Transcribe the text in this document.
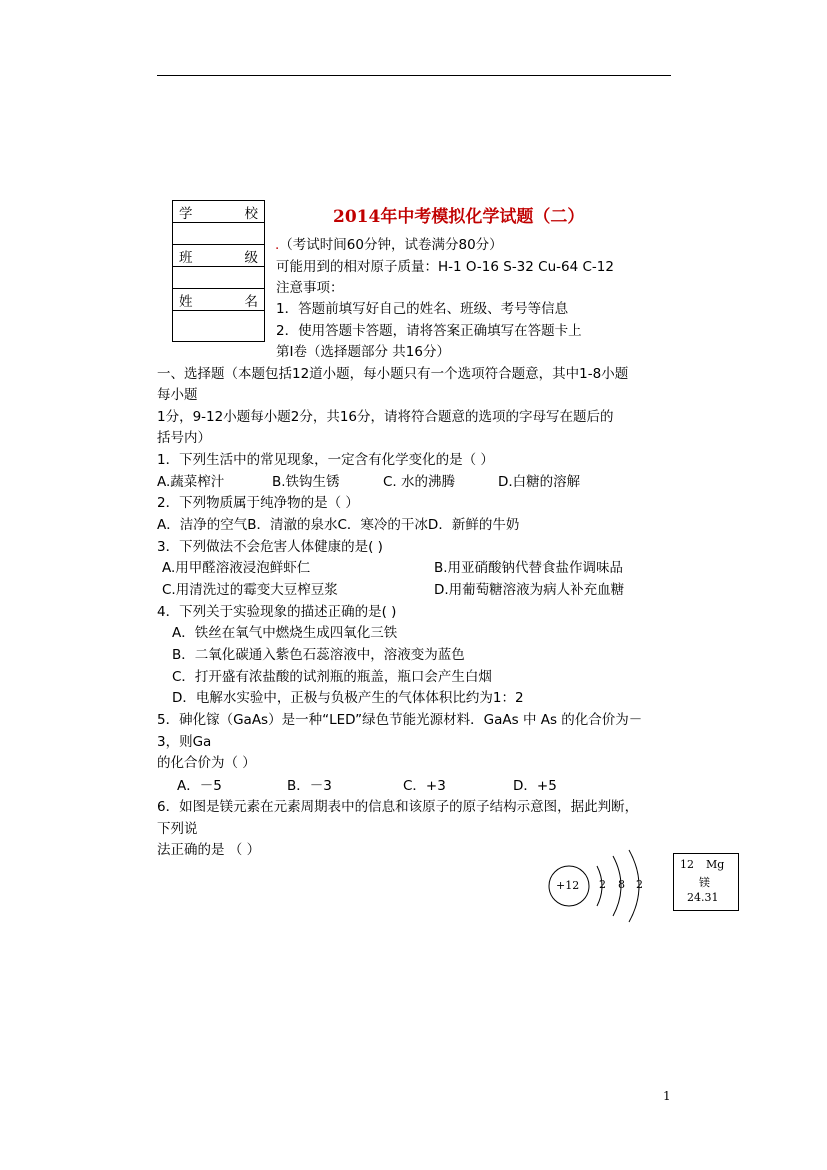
学	校

班	级

姓	名

2014年中考模拟化学试题（二）
.（考试时间60分钟，试卷满分80分）
可能用到的相对原子质量：H-1 O-16 S-32 Cu-64 C-12
注意事项：
1．答题前填写好自己的姓名、班级、考号等信息
2．使用答题卡答题，请将答案正确填写在答题卡上
第Ⅰ卷（选择题部分 共16分）
一、选择题（本题包括12道小题，每小题只有一个选项符合题意，其中1-8小题
每小题
1分，9-12小题每小题2分，共16分，请将符合题意的选项的字母写在题后的
括号内）
1．下列生活中的常见现象，一定含有化学变化的是（ ）
A.蔬菜榨汁	B.铁钩生锈	C. 水的沸腾	D.白糖的溶解
2．下列物质属于纯净物的是（ ）
A．洁净的空气B．清澈的泉水C．寒冷的干冰D．新鲜的牛奶
3．下列做法不会危害人体健康的是( )
A.用甲醛溶液浸泡鲜虾仁	B.用亚硝酸钠代替食盐作调味品
C.用清洗过的霉变大豆榨豆浆	D.用葡萄糖溶液为病人补充血糖
4．下列关于实验现象的描述正确的是( )
A．铁丝在氧气中燃烧生成四氧化三铁
B．二氧化碳通入紫色石蕊溶液中，溶液变为蓝色
C．打开盛有浓盐酸的试剂瓶的瓶盖，瓶口会产生白烟
D．电解水实验中，正极与负极产生的气体体积比约为1：2
5．砷化镓（GaAs）是一种“LED”绿色节能光源材料．GaAs 中 As 的化合价为－
3，则Ga
的化合价为（ ）
A．－5	B．－3	C．+3	D．+5
6．如图是镁元素在元素周期表中的信息和该原子的原子结构示意图，据此判断，
下列说
法正确的是 （ ）
+12 2 8 2
12 Mg
镁
24.31
1
